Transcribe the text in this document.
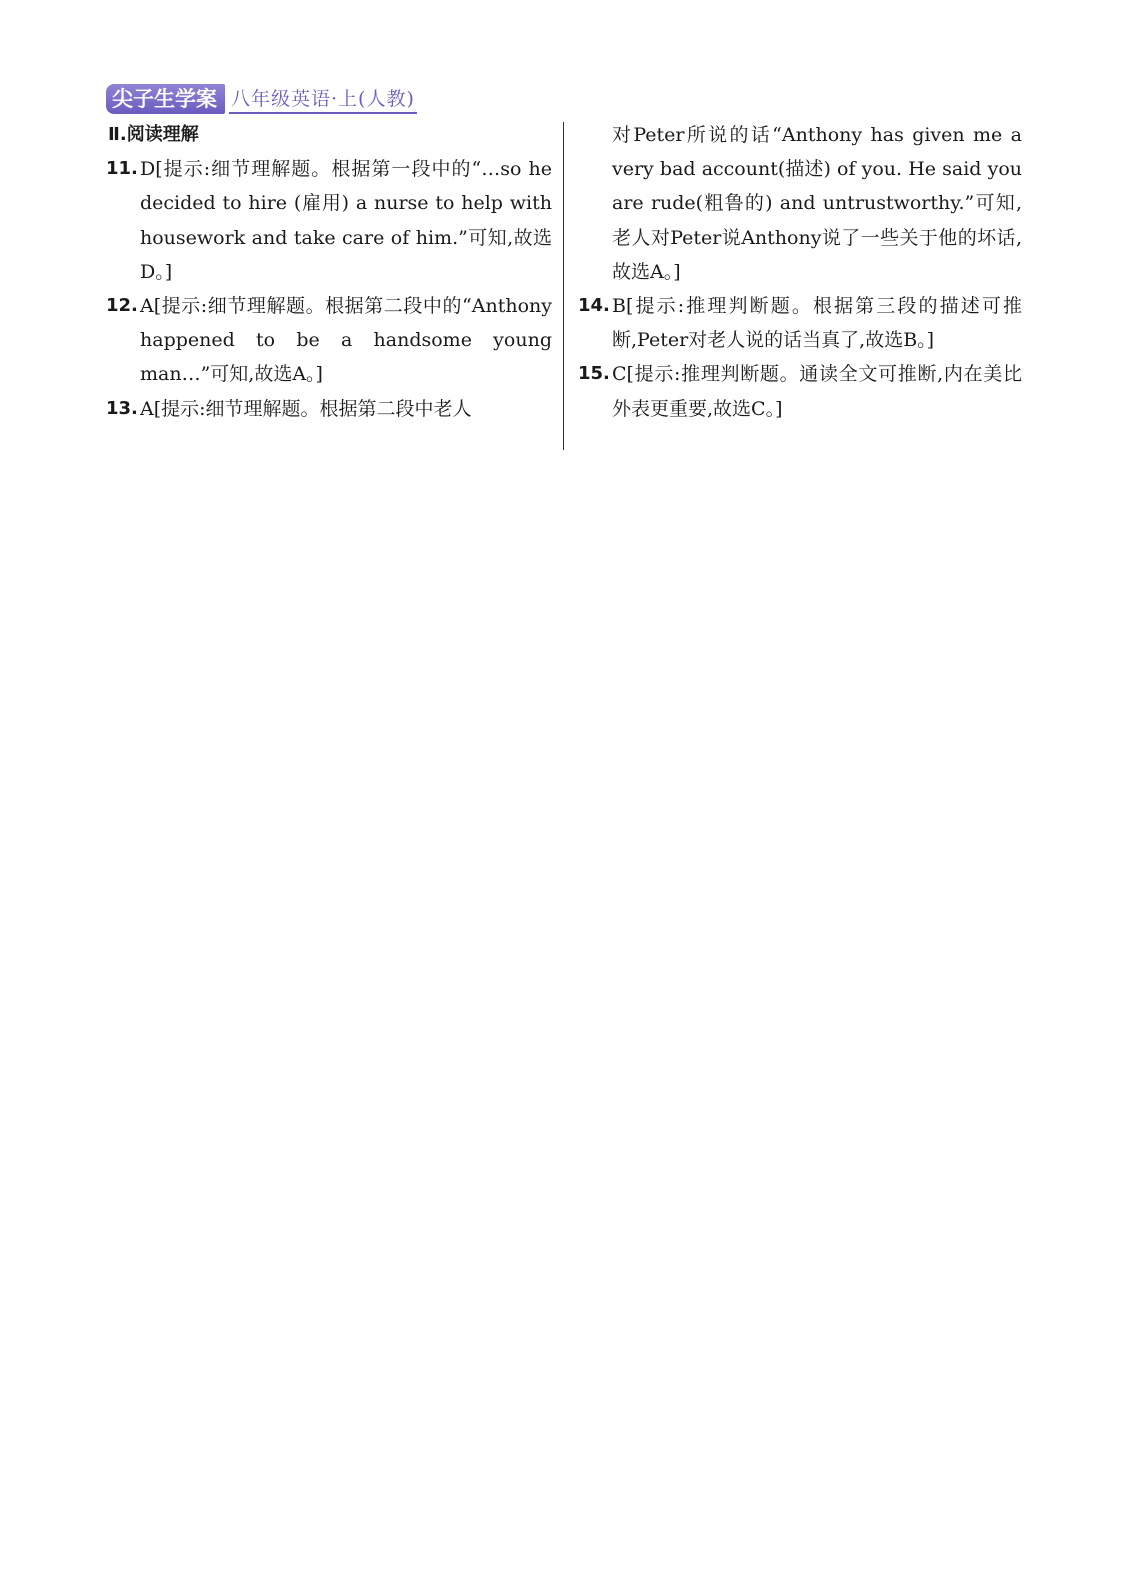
尖子生学案 八年级英语·上(人教)
Ⅱ.阅读理解
11. D[提示:细节理解题。根据第一段中的“…so he decided to hire (雇用) a nurse to help with housework and take care of him.”可知,故选D。]
12. A[提示:细节理解题。根据第二段中的“Anthony happened to be a handsome young man…”可知,故选A。]
13. A[提示:细节理解题。根据第二段中老人
对Peter所说的话“Anthony has given me a very bad account(描述) of you. He said you are rude(粗鲁的) and untrustworthy.”可知,老人对Peter说Anthony说了一些关于他的坏话,故选A。]
14. B[提示:推理判断题。根据第三段的描述可推断,Peter对老人说的话当真了,故选B。]
15. C[提示:推理判断题。通读全文可推断,内在美比外表更重要,故选C。]
